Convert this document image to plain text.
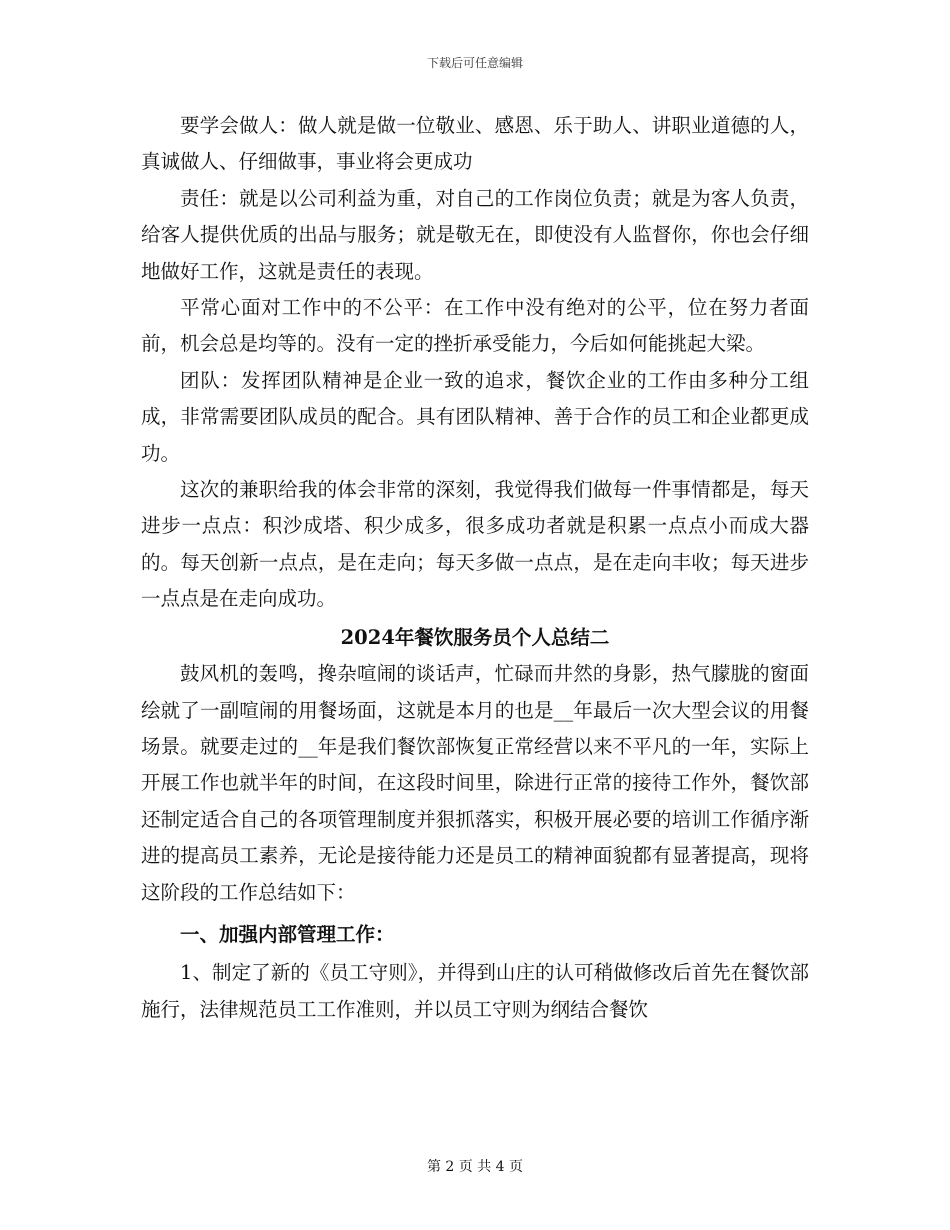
下载后可任意编辑

要学会做人：做人就是做一位敬业、感恩、乐于助人、讲职业道德的人，真诚做人、仔细做事，事业将会更成功

责任：就是以公司利益为重，对自己的工作岗位负责；就是为客人负责，给客人提供优质的出品与服务；就是敬无在，即使没有人监督你，你也会仔细地做好工作，这就是责任的表现。

平常心面对工作中的不公平：在工作中没有绝对的公平，位在努力者面前，机会总是均等的。没有一定的挫折承受能力，今后如何能挑起大梁。

团队：发挥团队精神是企业一致的追求，餐饮企业的工作由多种分工组成，非常需要团队成员的配合。具有团队精神、善于合作的员工和企业都更成功。

这次的兼职给我的体会非常的深刻，我觉得我们做每一件事情都是，每天进步一点点：积沙成塔、积少成多，很多成功者就是积累一点点小而成大器的。每天创新一点点，是在走向；每天多做一点点，是在走向丰收；每天进步一点点是在走向成功。

2024年餐饮服务员个人总结二

鼓风机的轰鸣，搀杂喧闹的谈话声，忙碌而井然的身影，热气朦胧的窗面绘就了一副喧闹的用餐场面，这就是本月的也是__年最后一次大型会议的用餐场景。就要走过的__年是我们餐饮部恢复正常经营以来不平凡的一年，实际上开展工作也就半年的时间，在这段时间里，除进行正常的接待工作外，餐饮部还制定适合自己的各项管理制度并狠抓落实，积极开展必要的培训工作循序渐进的提高员工素养，无论是接待能力还是员工的精神面貌都有显著提高，现将这阶段的工作总结如下：

一、加强内部管理工作：

1、制定了新的《员工守则》，并得到山庄的认可稍做修改后首先在餐饮部施行，法律规范员工工作准则，并以员工守则为纲结合餐饮

第 2 页 共 4 页
